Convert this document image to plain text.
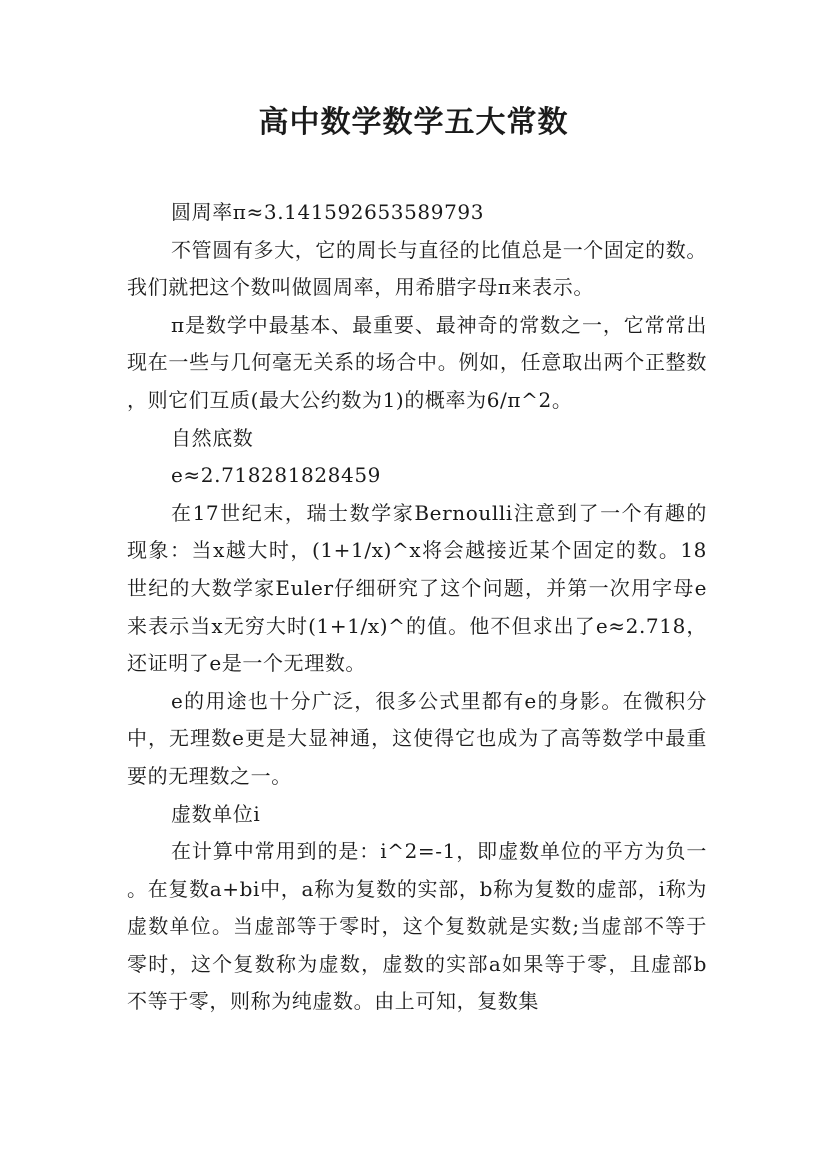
高中数学数学五大常数

圆周率π≈3.141592653589793

不管圆有多大，它的周长与直径的比值总是一个固定的数。我们就把这个数叫做圆周率，用希腊字母π来表示。

π是数学中最基本、最重要、最神奇的常数之一，它常常出现在一些与几何毫无关系的场合中。例如，任意取出两个正整数，则它们互质(最大公约数为1)的概率为6/π^2。

自然底数

e≈2.718281828459

在17世纪末，瑞士数学家Bernoulli注意到了一个有趣的现象：当x越大时，(1+1/x)^x将会越接近某个固定的数。18世纪的大数学家Euler仔细研究了这个问题，并第一次用字母e来表示当x无穷大时(1+1/x)^的值。他不但求出了e≈2.718，还证明了e是一个无理数。

e的用途也十分广泛，很多公式里都有e的身影。在微积分中，无理数e更是大显神通，这使得它也成为了高等数学中最重要的无理数之一。

虚数单位i

在计算中常用到的是：i^2=-1，即虚数单位的平方为负一。在复数a+bi中，a称为复数的实部，b称为复数的虚部，i称为虚数单位。当虚部等于零时，这个复数就是实数;当虚部不等于零时，这个复数称为虚数，虚数的实部a如果等于零，且虚部b不等于零，则称为纯虚数。由上可知，复数集
